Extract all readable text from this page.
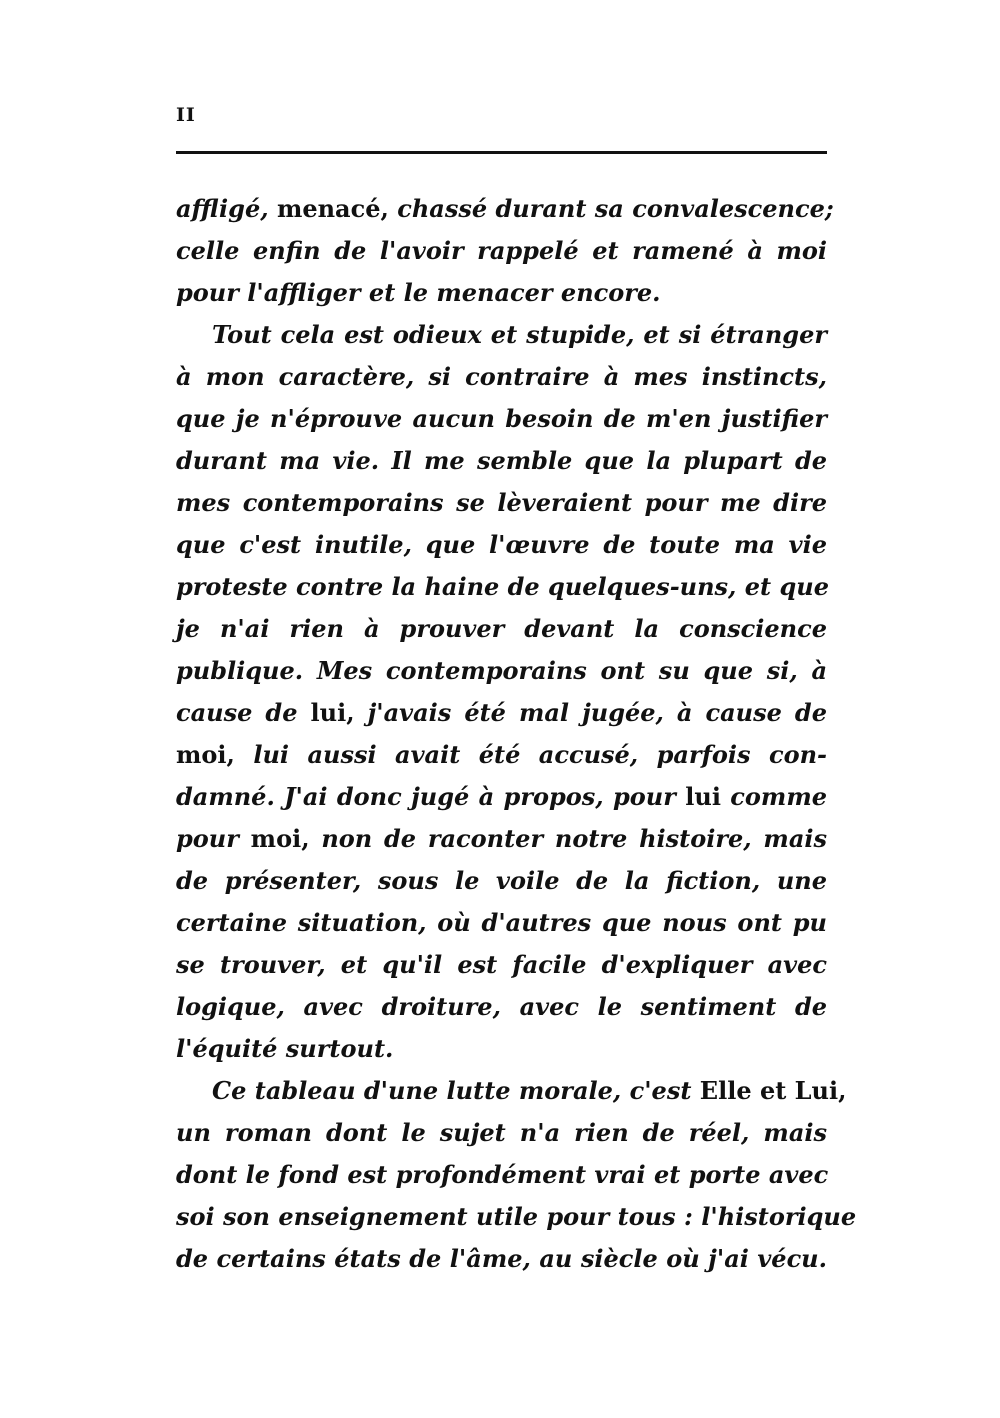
II
affligé, menacé, chassé durant sa convalescence;
celle enfin de l'avoir rappelé et ramené à moi
pour l'affliger et le menacer encore.
Tout cela est odieux et stupide, et si étranger
à mon caractère, si contraire à mes instincts,
que je n'éprouve aucun besoin de m'en justifier
durant ma vie. Il me semble que la plupart de
mes contemporains se lèveraient pour me dire
que c'est inutile, que l'œuvre de toute ma vie
proteste contre la haine de quelques-uns, et que
je n'ai rien à prouver devant la conscience
publique. Mes contemporains ont su que si, à
cause de lui, j'avais été mal jugée, à cause de
moi, lui aussi avait été accusé, parfois con-
damné. J'ai donc jugé à propos, pour lui comme
pour moi, non de raconter notre histoire, mais
de présenter, sous le voile de la fiction, une
certaine situation, où d'autres que nous ont pu
se trouver, et qu'il est facile d'expliquer avec
logique, avec droiture, avec le sentiment de
l'équité surtout.
Ce tableau d'une lutte morale, c'est Elle et Lui,
un roman dont le sujet n'a rien de réel, mais
dont le fond est profondément vrai et porte avec
soi son enseignement utile pour tous : l'historique
de certains états de l'âme, au siècle où j'ai vécu.
